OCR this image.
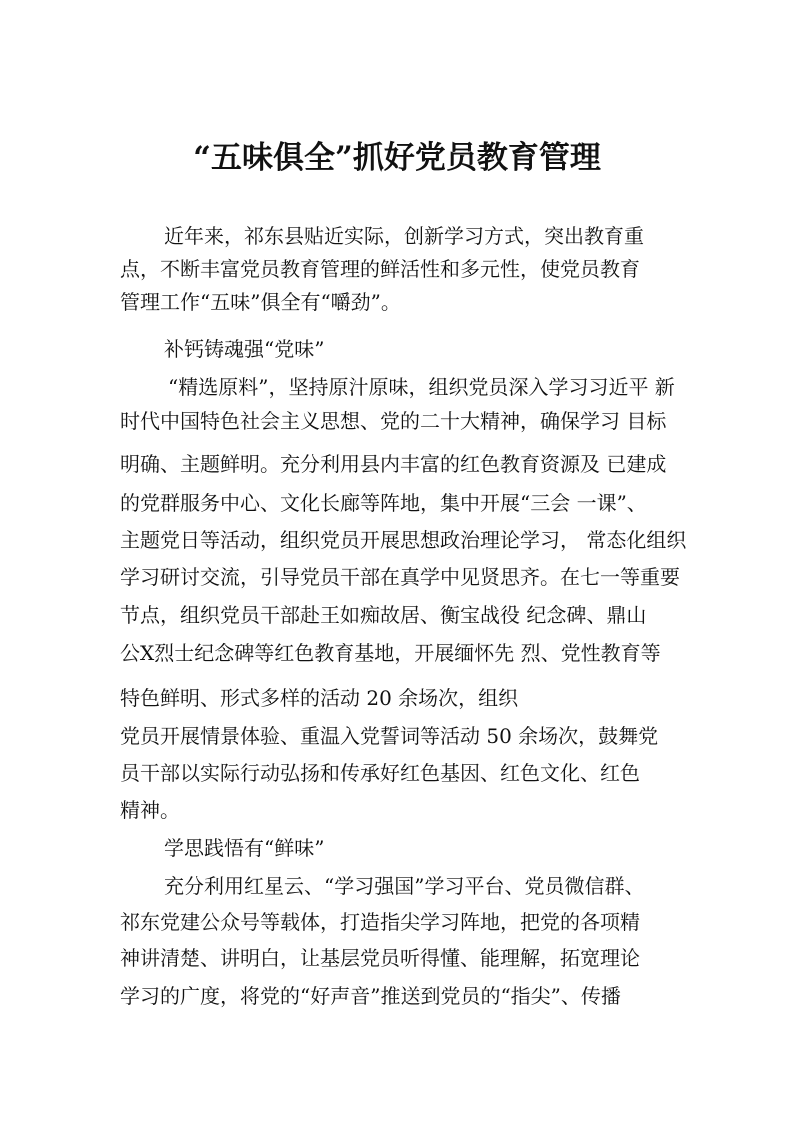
“五味俱全”抓好党员教育管理

近年来，祁东县贴近实际，创新学习方式，突出教育重

点，不断丰富党员教育管理的鲜活性和多元性，使党员教育

管理工作“五味”俱全有“嚼劲”。

补钙铸魂强“党味”

“精选原料”，坚持原汁原味，组织党员深入学习习近平 新

时代中国特色社会主义思想、党的二十大精神，确保学习 目标

明确、主题鲜明。充分利用县内丰富的红色教育资源及 已建成

的党群服务中心、文化长廊等阵地，集中开展“三会 一课”、

主题党日等活动，组织党员开展思想政治理论学习， 常态化组织

学习研讨交流，引导党员干部在真学中见贤思齐。在七一等重要

节点，组织党员干部赴王如痴故居、衡宝战役 纪念碑、鼎山

公X烈士纪念碑等红色教育基地，开展缅怀先 烈、党性教育等

特色鲜明、形式多样的活动 20 余场次，组织

党员开展情景体验、重温入党誓词等活动 50 余场次，鼓舞党

员干部以实际行动弘扬和传承好红色基因、红色文化、红色

精神。

学思践悟有“鲜味”

充分利用红星云、“学习强国”学习平台、党员微信群、

祁东党建公众号等载体，打造指尖学习阵地，把党的各项精

神讲清楚、讲明白，让基层党员听得懂、能理解，拓宽理论

学习的广度，将党的“好声音”推送到党员的“指尖”、传播
